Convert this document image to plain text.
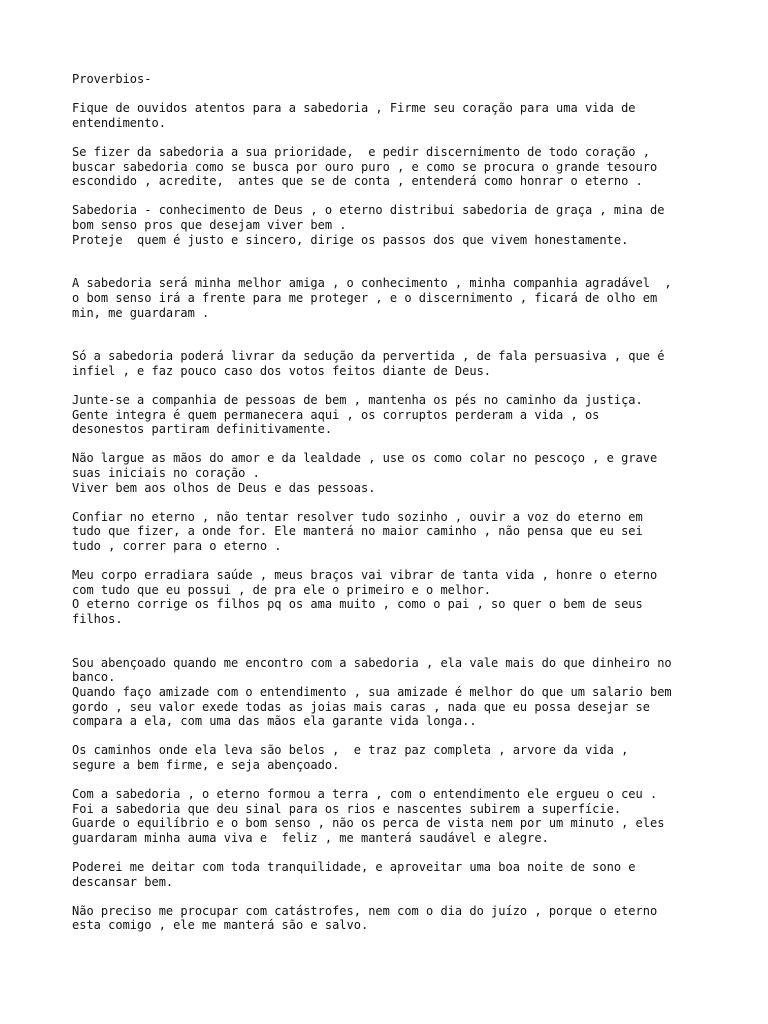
Proverbios-
Fique de ouvidos atentos para a sabedoria , Firme seu coração para uma vida de
entendimento.
Se fizer da sabedoria a sua prioridade,  e pedir discernimento de todo coração ,
buscar sabedoria como se busca por ouro puro , e como se procura o grande tesouro
escondido , acredite,  antes que se de conta , entenderá como honrar o eterno .
Sabedoria - conhecimento de Deus , o eterno distribui sabedoria de graça , mina de
bom senso pros que desejam viver bem .
Proteje  quem é justo e sincero, dirige os passos dos que vivem honestamente.
A sabedoria será minha melhor amiga , o conhecimento , minha companhia agradável  ,
o bom senso irá a frente para me proteger , e o discernimento , ficará de olho em
min, me guardaram .
Só a sabedoria poderá livrar da sedução da pervertida , de fala persuasiva , que é
infiel , e faz pouco caso dos votos feitos diante de Deus.
Junte-se a companhia de pessoas de bem , mantenha os pés no caminho da justiça.
Gente integra é quem permanecera aqui , os corruptos perderam a vida , os
desonestos partiram definitivamente.
Não largue as mãos do amor e da lealdade , use os como colar no pescoço , e grave
suas iniciais no coração .
Viver bem aos olhos de Deus e das pessoas.
Confiar no eterno , não tentar resolver tudo sozinho , ouvir a voz do eterno em
tudo que fizer, a onde for. Ele manterá no maior caminho , não pensa que eu sei
tudo , correr para o eterno .
Meu corpo erradiara saúde , meus braços vai vibrar de tanta vida , honre o eterno
com tudo que eu possui , de pra ele o primeiro e o melhor.
O eterno corrige os filhos pq os ama muito , como o pai , so quer o bem de seus
filhos.
Sou abençoado quando me encontro com a sabedoria , ela vale mais do que dinheiro no
banco.
Quando faço amizade com o entendimento , sua amizade é melhor do que um salario bem
gordo , seu valor exede todas as joias mais caras , nada que eu possa desejar se
compara a ela, com uma das mãos ela garante vida longa..
Os caminhos onde ela leva são belos ,  e traz paz completa , arvore da vida ,
segure a bem firme, e seja abençoado.
Com a sabedoria , o eterno formou a terra , com o entendimento ele ergueu o ceu .
Foi a sabedoria que deu sinal para os rios e nascentes subirem a superfície.
Guarde o equilíbrio e o bom senso , não os perca de vista nem por um minuto , eles
guardaram minha auma viva e  feliz , me manterá saudável e alegre.
Poderei me deitar com toda tranquilidade, e aproveitar uma boa noite de sono e
descansar bem.
Não preciso me procupar com catástrofes, nem com o dia do juízo , porque o eterno
esta comigo , ele me manterá são e salvo.
